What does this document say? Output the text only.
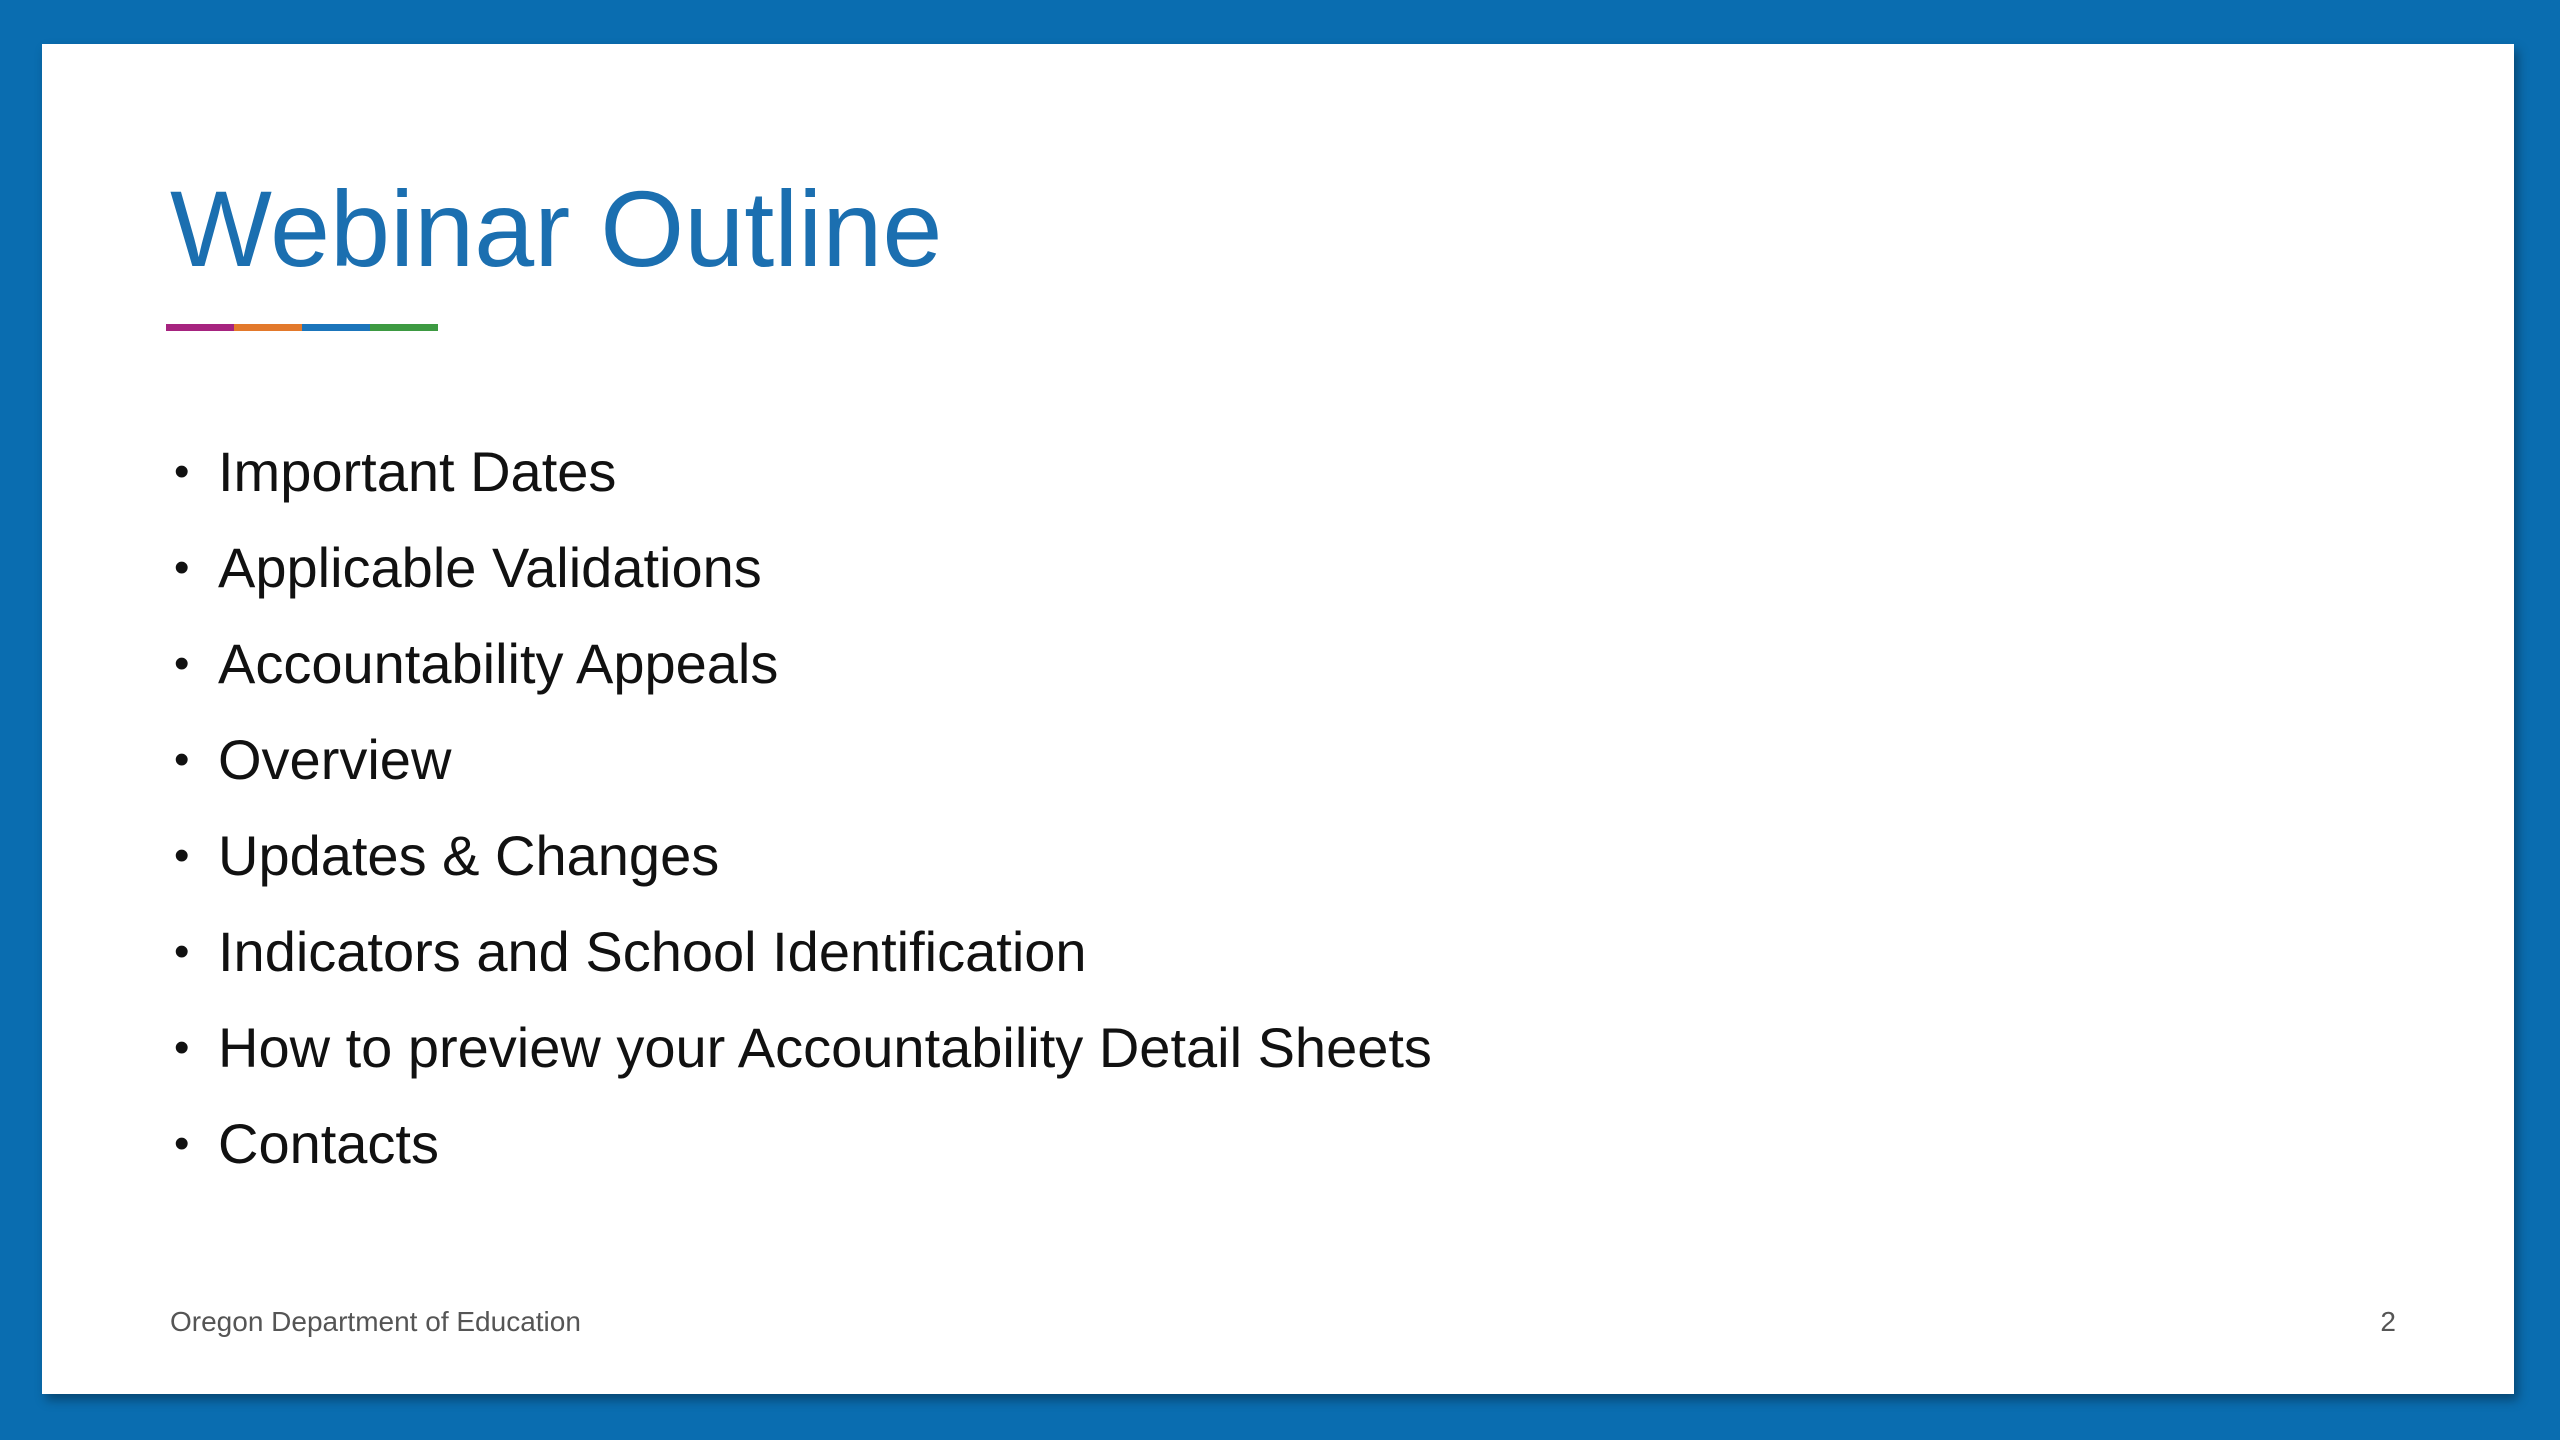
Webinar Outline
• Important Dates
• Applicable Validations
• Accountability Appeals
• Overview
• Updates & Changes
• Indicators and School Identification
• How to preview your Accountability Detail Sheets
• Contacts
Oregon Department of Education	2
